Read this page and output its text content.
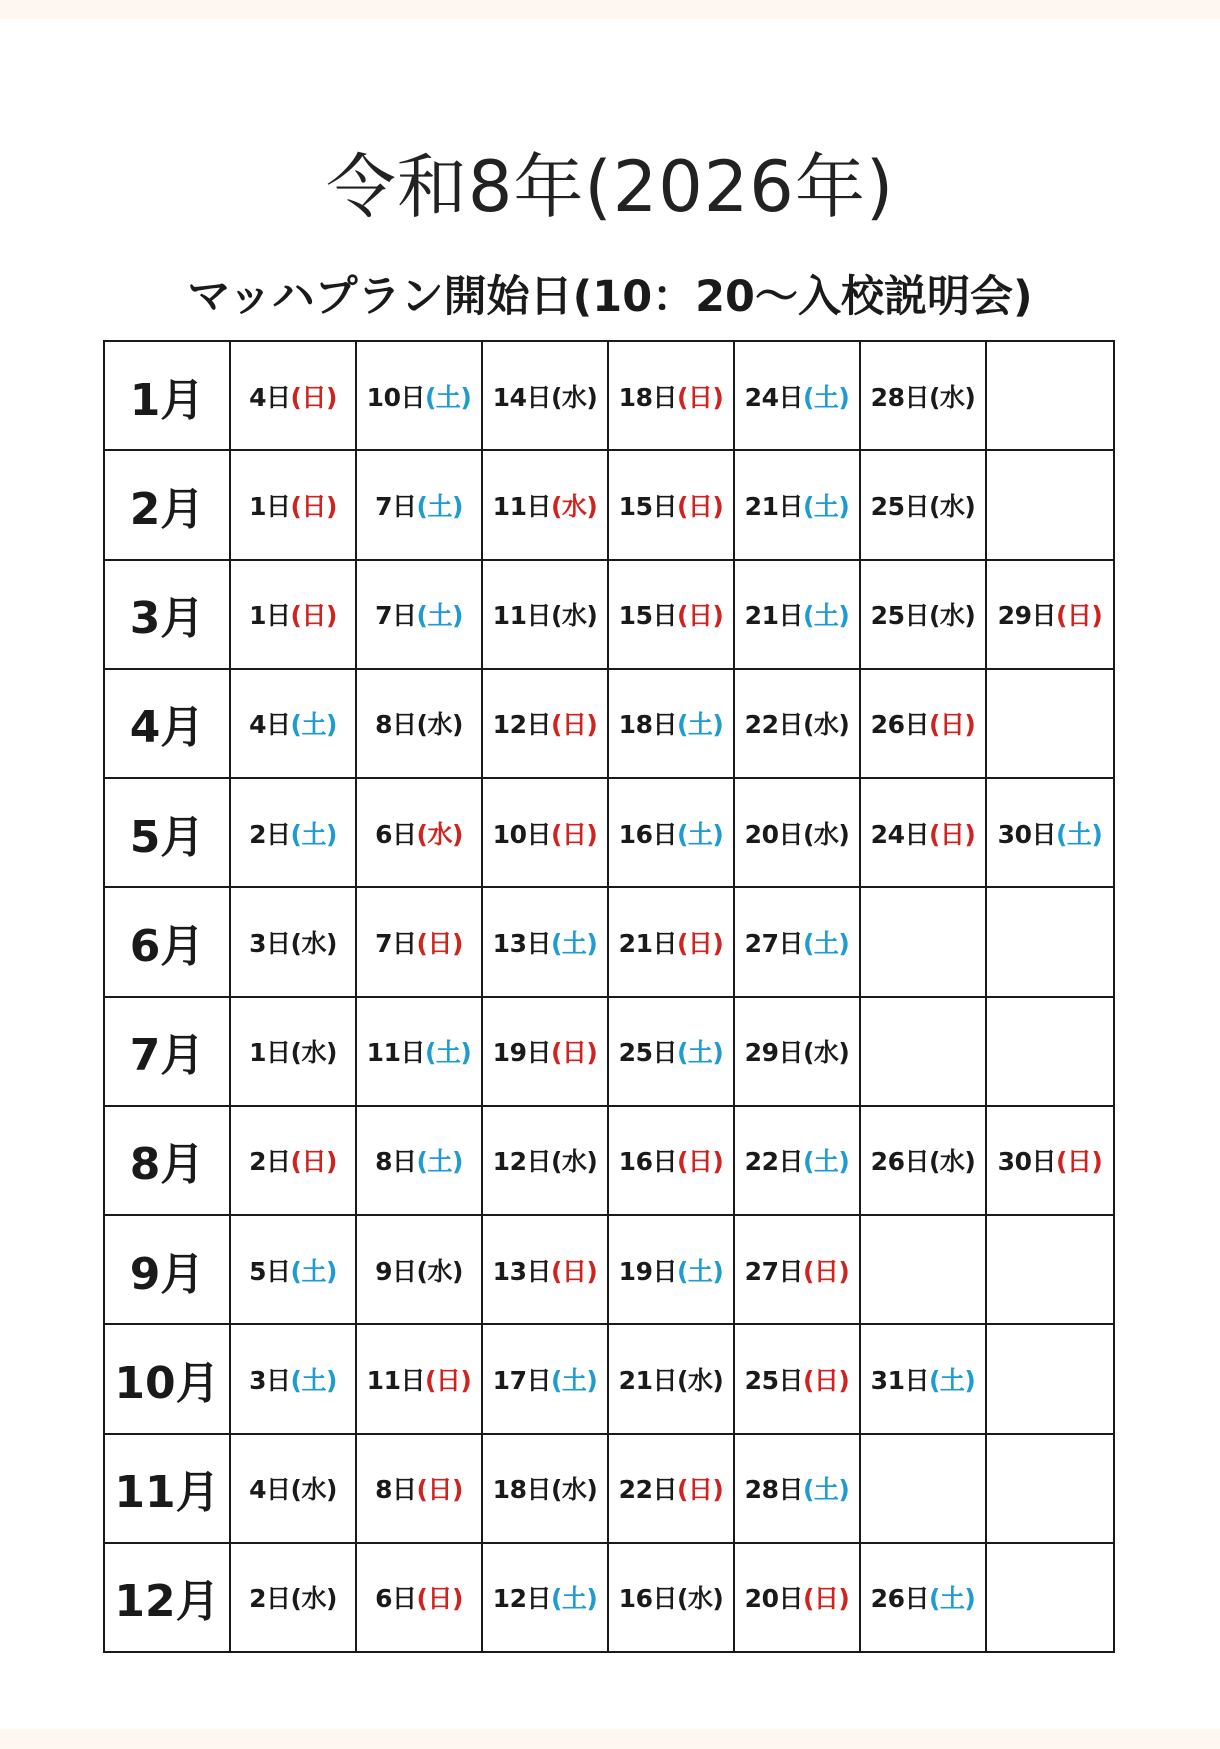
令和8年(2026年)
マッハプラン開始日(10：20～入校説明会)
1月	4日(日)	10日(土)	14日(水)	18日(日)	24日(土)	28日(水)	
2月	1日(日)	7日(土)	11日(水)	15日(日)	21日(土)	25日(水)	
3月	1日(日)	7日(土)	11日(水)	15日(日)	21日(土)	25日(水)	29日(日)
4月	4日(土)	8日(水)	12日(日)	18日(土)	22日(水)	26日(日)	
5月	2日(土)	6日(水)	10日(日)	16日(土)	20日(水)	24日(日)	30日(土)
6月	3日(水)	7日(日)	13日(土)	21日(日)	27日(土)		
7月	1日(水)	11日(土)	19日(日)	25日(土)	29日(水)		
8月	2日(日)	8日(土)	12日(水)	16日(日)	22日(土)	26日(水)	30日(日)
9月	5日(土)	9日(水)	13日(日)	19日(土)	27日(日)		
10月	3日(土)	11日(日)	17日(土)	21日(水)	25日(日)	31日(土)	
11月	4日(水)	8日(日)	18日(水)	22日(日)	28日(土)		
12月	2日(水)	6日(日)	12日(土)	16日(水)	20日(日)	26日(土)	
